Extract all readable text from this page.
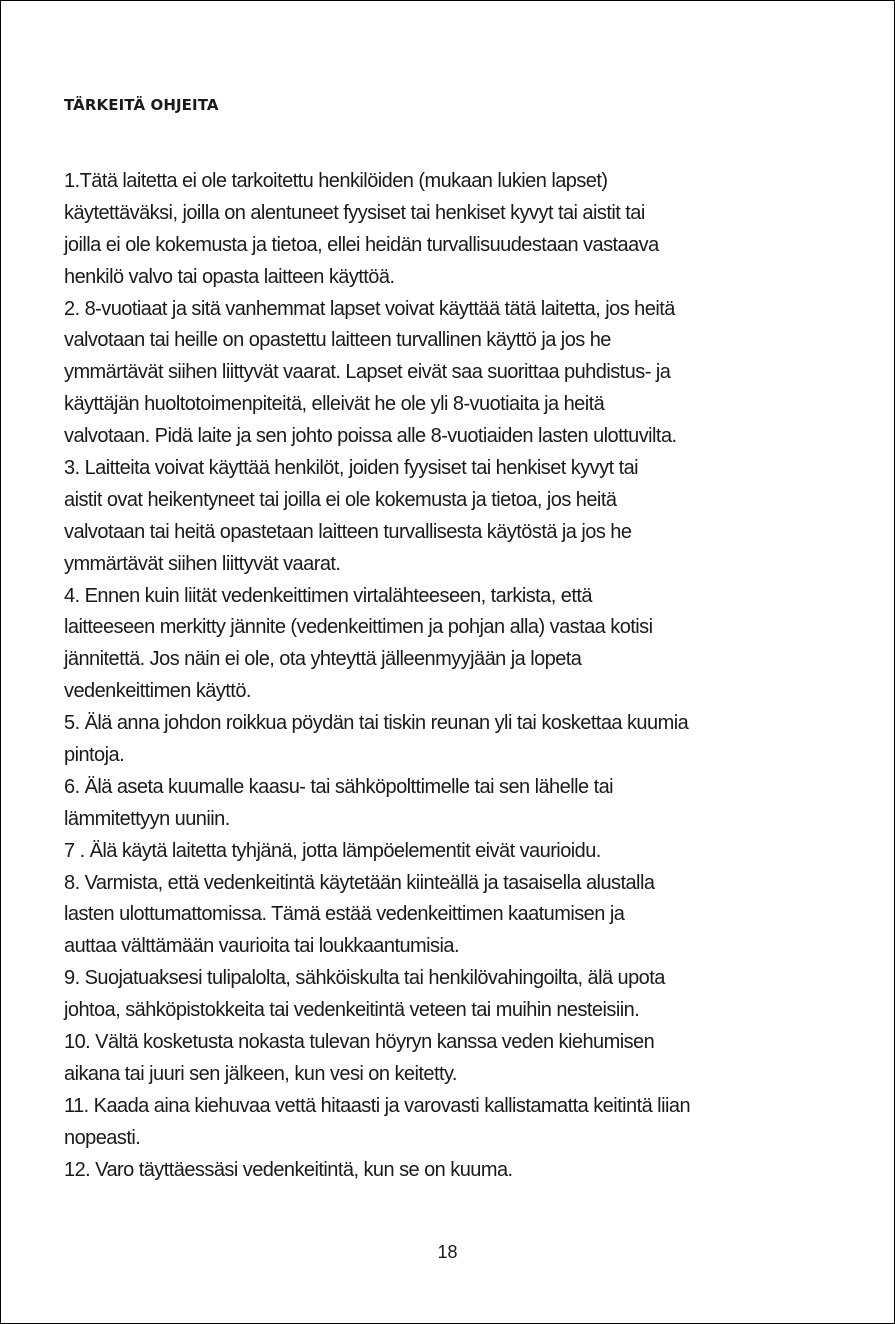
TÄRKEITÄ OHJEITA
1.Tätä laitetta ei ole tarkoitettu henkilöiden (mukaan lukien lapset)
käytettäväksi, joilla on alentuneet fyysiset tai henkiset kyvyt tai aistit tai
joilla ei ole kokemusta ja tietoa, ellei heidän turvallisuudestaan vastaava
henkilö valvo tai opasta laitteen käyttöä.
2. 8-vuotiaat ja sitä vanhemmat lapset voivat käyttää tätä laitetta, jos heitä
valvotaan tai heille on opastettu laitteen turvallinen käyttö ja jos he
ymmärtävät siihen liittyvät vaarat. Lapset eivät saa suorittaa puhdistus- ja
käyttäjän huoltotoimenpiteitä, elleivät he ole yli 8-vuotiaita ja heitä
valvotaan. Pidä laite ja sen johto poissa alle 8-vuotiaiden lasten ulottuvilta.
3. Laitteita voivat käyttää henkilöt, joiden fyysiset tai henkiset kyvyt tai
aistit ovat heikentyneet tai joilla ei ole kokemusta ja tietoa, jos heitä
valvotaan tai heitä opastetaan laitteen turvallisesta käytöstä ja jos he
ymmärtävät siihen liittyvät vaarat.
4. Ennen kuin liität vedenkeittimen virtalähteeseen, tarkista, että
laitteeseen merkitty jännite (vedenkeittimen ja pohjan alla) vastaa kotisi
jännitettä. Jos näin ei ole, ota yhteyttä jälleenmyyjään ja lopeta
vedenkeittimen käyttö.
5. Älä anna johdon roikkua pöydän tai tiskin reunan yli tai koskettaa kuumia
pintoja.
6. Älä aseta kuumalle kaasu- tai sähköpolttimelle tai sen lähelle tai
lämmitettyyn uuniin.
7 . Älä käytä laitetta tyhjänä, jotta lämpöelementit eivät vaurioidu.
8. Varmista, että vedenkeitintä käytetään kiinteällä ja tasaisella alustalla
lasten ulottumattomissa. Tämä estää vedenkeittimen kaatumisen ja
auttaa välttämään vaurioita tai loukkaantumisia.
9. Suojatuaksesi tulipalolta, sähköiskulta tai henkilövahingoilta, älä upota
johtoa, sähköpistokkeita tai vedenkeitintä veteen tai muihin nesteisiin.
10. Vältä kosketusta nokasta tulevan höyryn kanssa veden kiehumisen
aikana tai juuri sen jälkeen, kun vesi on keitetty.
11. Kaada aina kiehuvaa vettä hitaasti ja varovasti kallistamatta keitintä liian
nopeasti.
12. Varo täyttäessäsi vedenkeitintä, kun se on kuuma.
18
